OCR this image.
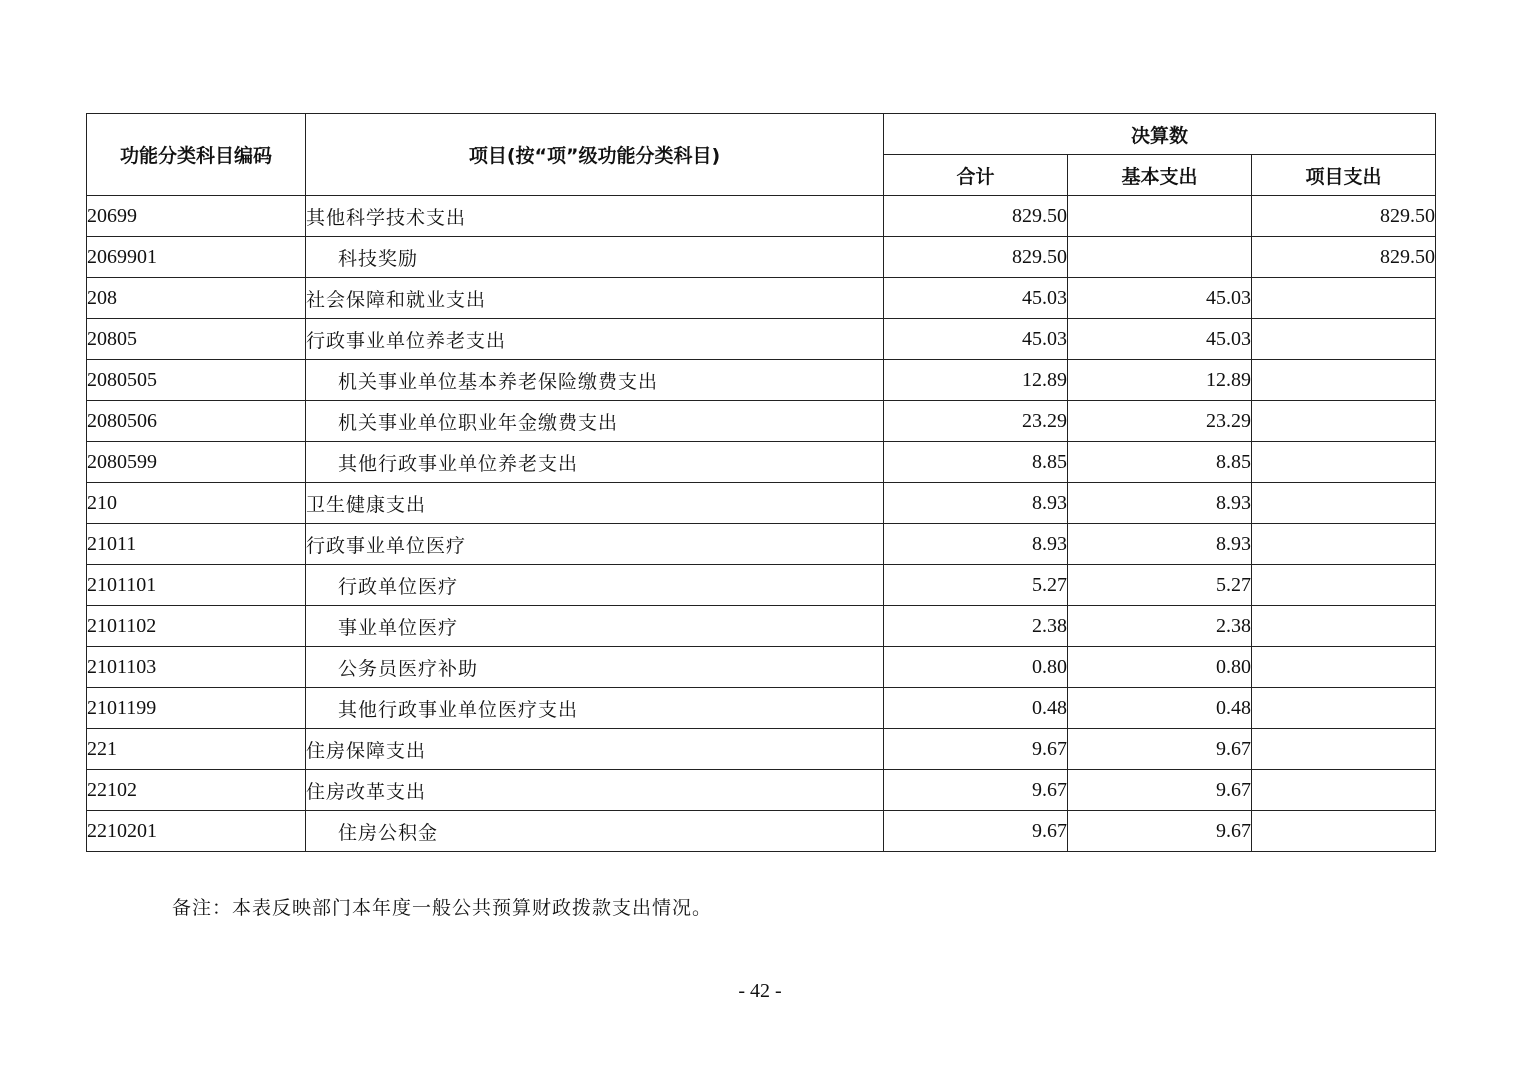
功能分类科目编码	项目(按“项”级功能分类科目)	决算数		
		合计	基本支出	项目支出
20699	其他科学技术支出	829.50		829.50
2069901	科技奖励	829.50		829.50
208	社会保障和就业支出	45.03	45.03	
20805	行政事业单位养老支出	45.03	45.03	
2080505	机关事业单位基本养老保险缴费支出	12.89	12.89	
2080506	机关事业单位职业年金缴费支出	23.29	23.29	
2080599	其他行政事业单位养老支出	8.85	8.85	
210	卫生健康支出	8.93	8.93	
21011	行政事业单位医疗	8.93	8.93	
2101101	行政单位医疗	5.27	5.27	
2101102	事业单位医疗	2.38	2.38	
2101103	公务员医疗补助	0.80	0.80	
2101199	其他行政事业单位医疗支出	0.48	0.48	
221	住房保障支出	9.67	9.67	
22102	住房改革支出	9.67	9.67	
2210201	住房公积金	9.67	9.67	
备注：本表反映部门本年度一般公共预算财政拨款支出情况。
- 42 -
